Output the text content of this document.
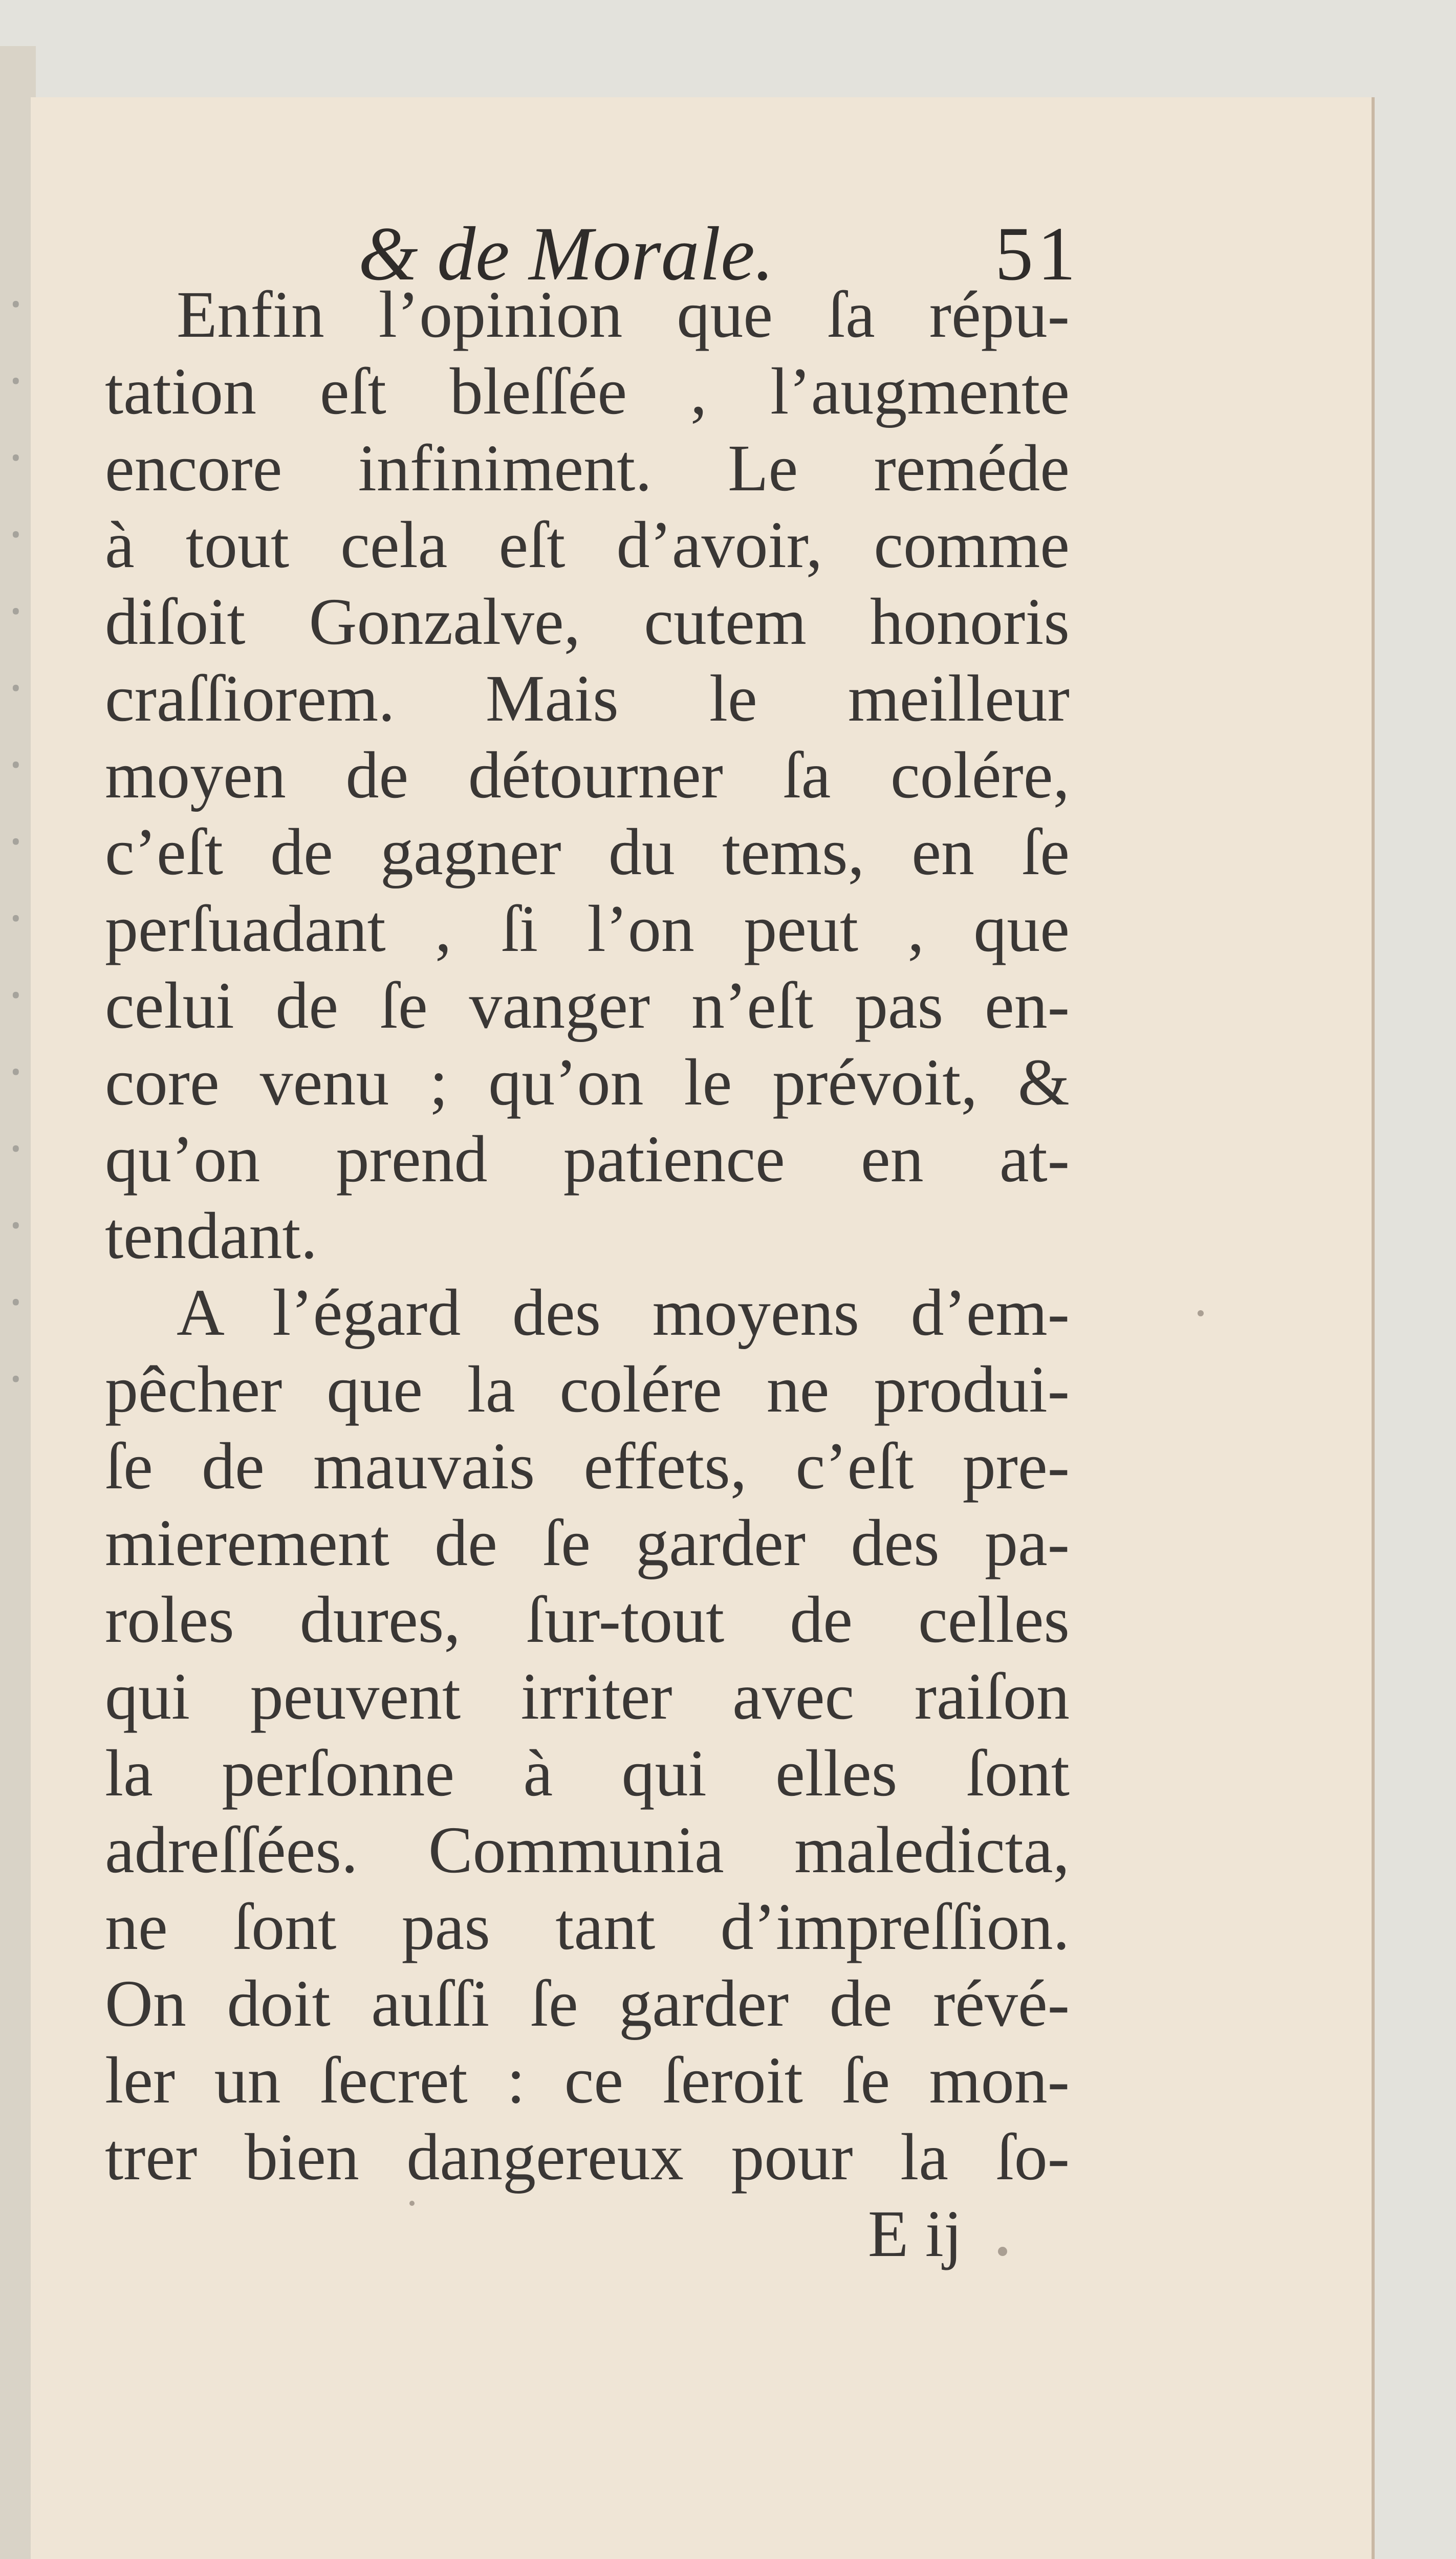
ꞏ
ꞏ
ꞏ
ꞏ
ꞏ
ꞏ
ꞏ
ꞏ
ꞏ
ꞏ
ꞏ
ꞏ
ꞏ
ꞏ
ꞏ
& de Morale.	51
Enfin l’opinion que ſa répu-
tation eſt bleſſée , l’augmente
encore infiniment. Le reméde
à tout cela eſt d’avoir, comme
diſoit Gonzalve, cutem honoris
craſſiorem. Mais le meilleur
moyen de détourner ſa colére,
c’eſt de gagner du tems, en ſe
perſuadant , ſi l’on peut , que
celui de ſe vanger n’eſt pas en-
core venu ; qu’on le prévoit, &
qu’on prend patience en at-
tendant.
A l’égard des moyens d’em-
pêcher que la colére ne produi-
ſe de mauvais effets, c’eſt pre-
mierement de ſe garder des pa-
roles dures, ſur-tout de celles
qui peuvent irriter avec raiſon
la perſonne à qui elles ſont
adreſſées. Communia maledicta,
ne ſont pas tant d’impreſſion.
On doit auſſi ſe garder de révé-
ler un ſecret : ce ſeroit ſe mon-
trer bien dangereux pour la ſo-
E ij
